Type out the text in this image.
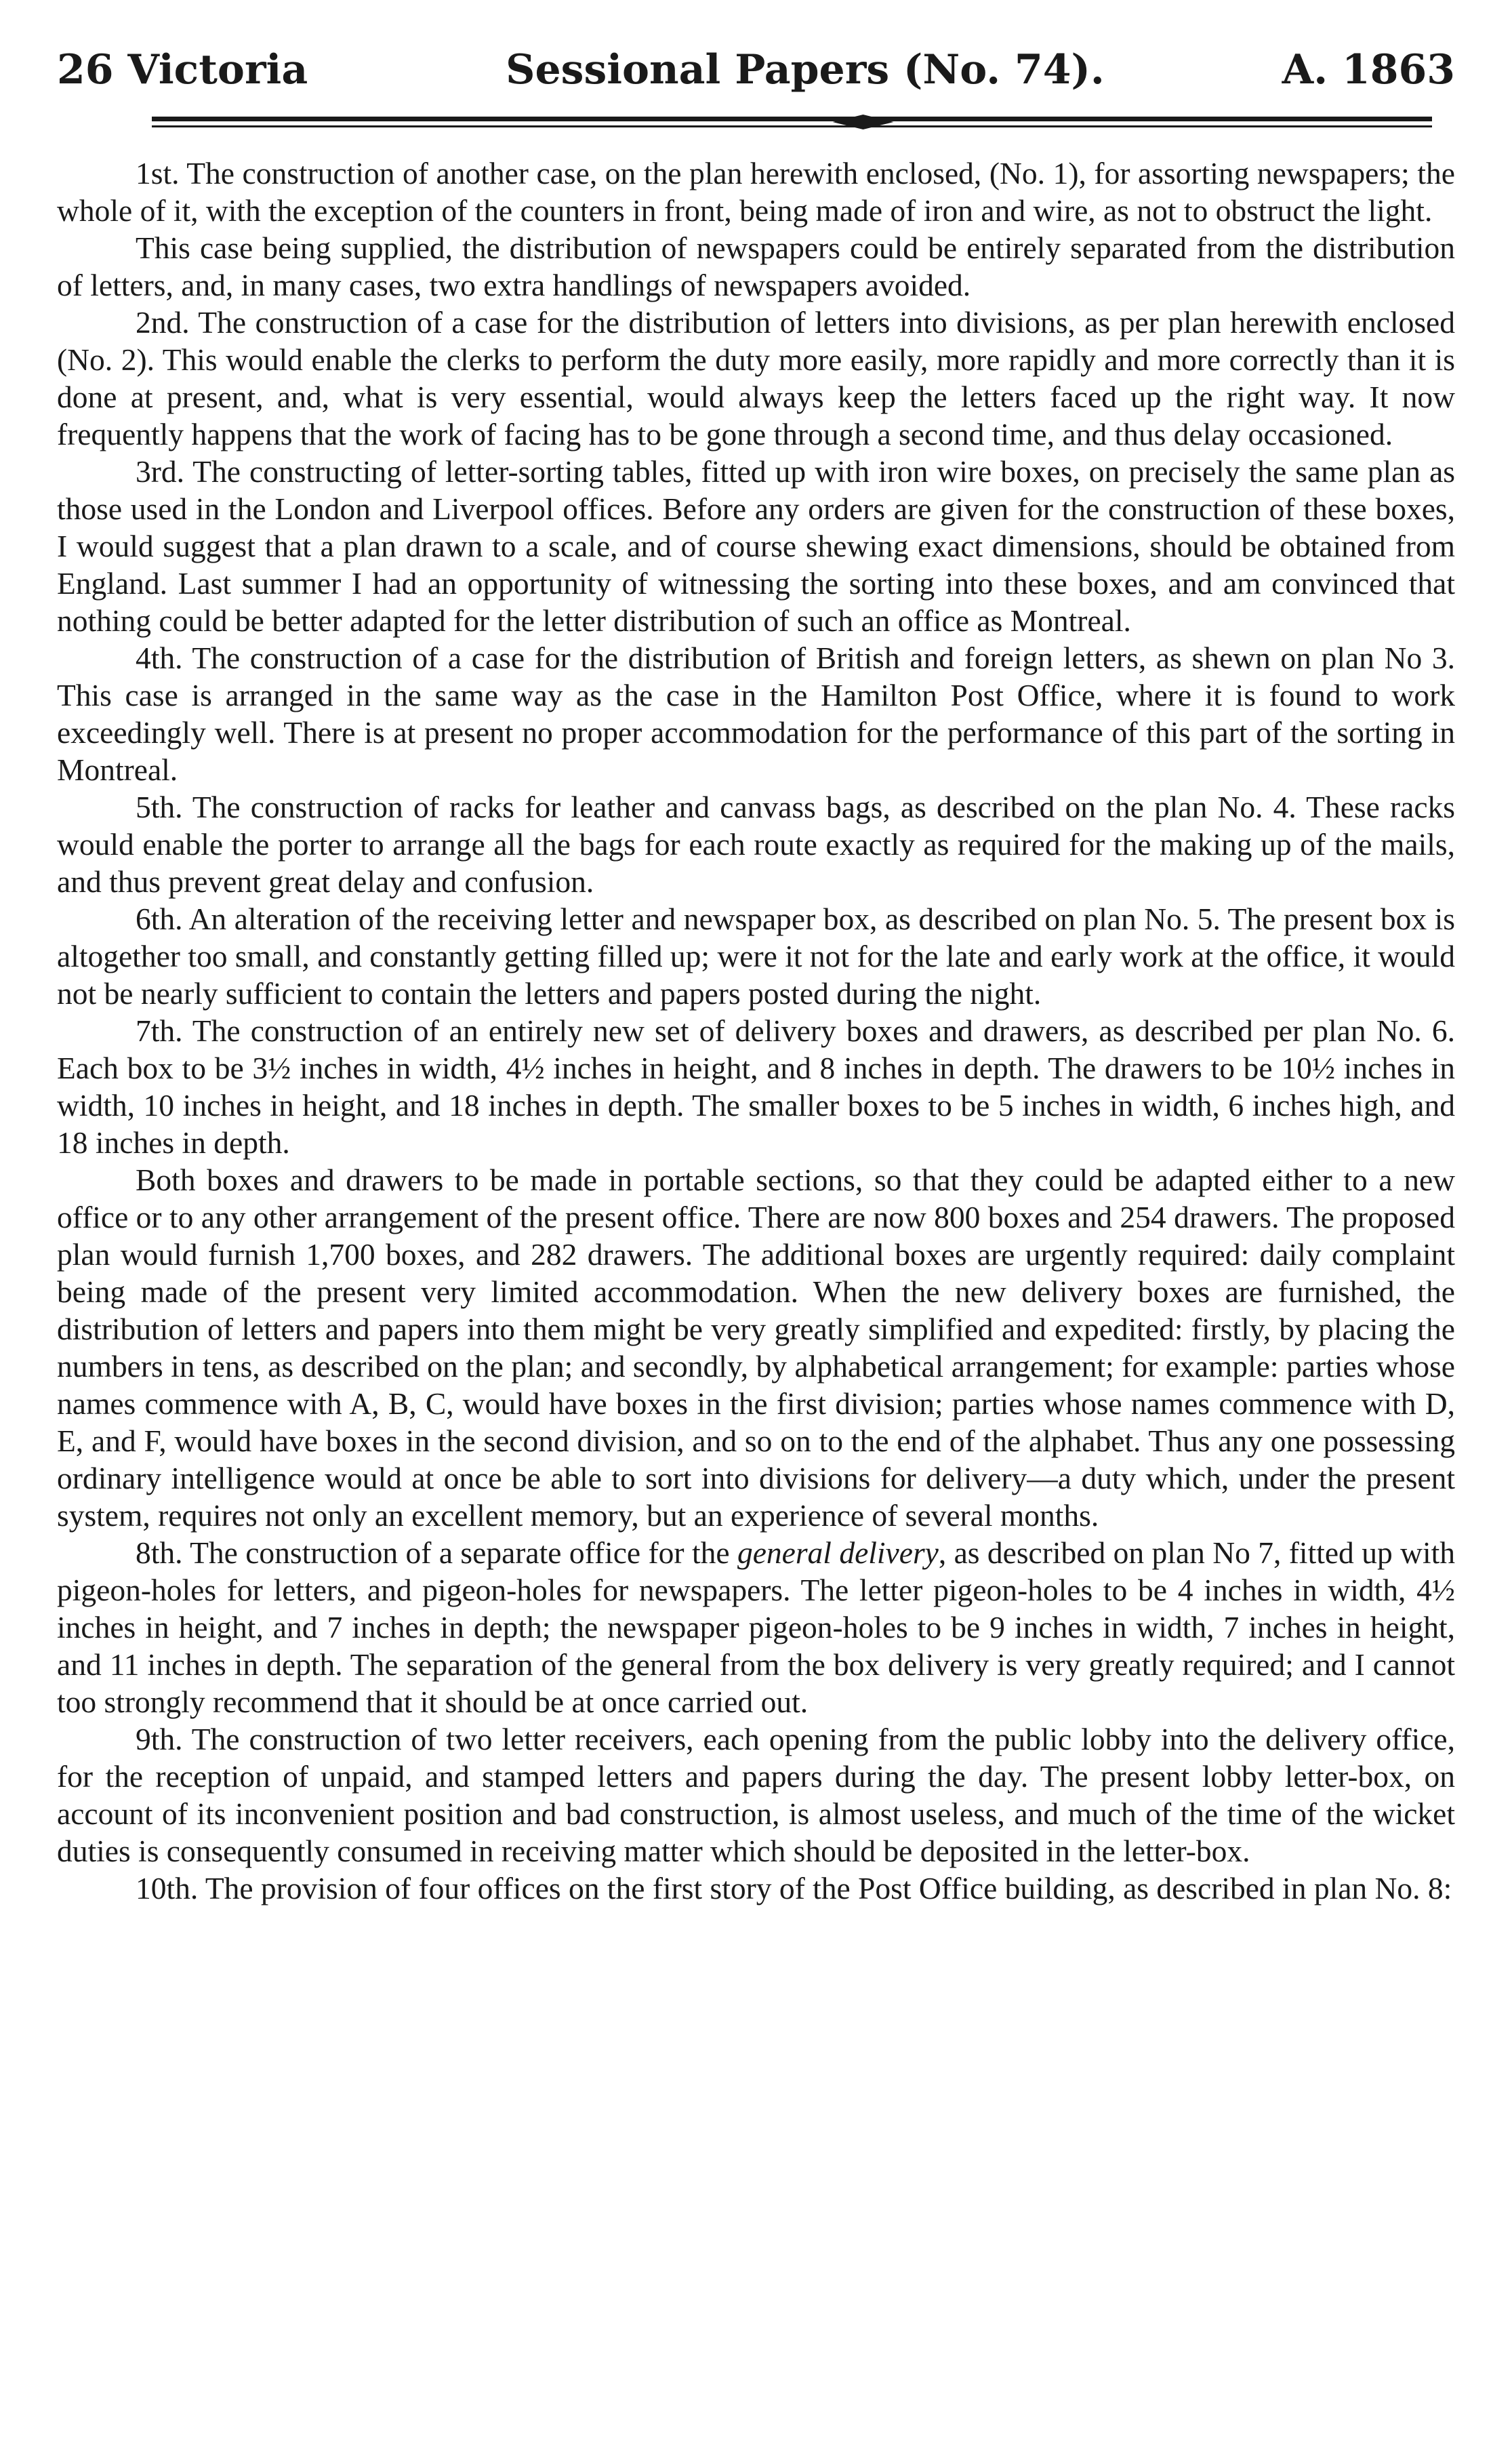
26 Victoria	Sessional Papers (No. 74).	A. 1863

1st. The construction of another case, on the plan herewith enclosed, (No. 1), for assorting newspapers; the whole of it, with the exception of the counters in front, being made of iron and wire, as not to obstruct the light.

This case being supplied, the distribution of newspapers could be entirely separated from the distribution of letters, and, in many cases, two extra handlings of newspapers avoided.

2nd. The construction of a case for the distribution of letters into divisions, as per plan herewith enclosed (No. 2). This would enable the clerks to perform the duty more easily, more rapidly and more correctly than it is done at present, and, what is very essential, would always keep the letters faced up the right way. It now frequently happens that the work of facing has to be gone through a second time, and thus delay occasioned.

3rd. The constructing of letter-sorting tables, fitted up with iron wire boxes, on precisely the same plan as those used in the London and Liverpool offices. Before any orders are given for the construction of these boxes, I would suggest that a plan drawn to a scale, and of course shewing exact dimensions, should be obtained from England. Last summer I had an opportunity of witnessing the sorting into these boxes, and am convinced that nothing could be better adapted for the letter distribution of such an office as Montreal.

4th. The construction of a case for the distribution of British and foreign letters, as shewn on plan No 3. This case is arranged in the same way as the case in the Hamilton Post Office, where it is found to work exceedingly well. There is at present no proper accommodation for the performance of this part of the sorting in Montreal.

5th. The construction of racks for leather and canvass bags, as described on the plan No. 4. These racks would enable the porter to arrange all the bags for each route exactly as required for the making up of the mails, and thus prevent great delay and confusion.

6th. An alteration of the receiving letter and newspaper box, as described on plan No. 5. The present box is altogether too small, and constantly getting filled up; were it not for the late and early work at the office, it would not be nearly sufficient to contain the letters and papers posted during the night.

7th. The construction of an entirely new set of delivery boxes and drawers, as described per plan No. 6. Each box to be 3½ inches in width, 4½ inches in height, and 8 inches in depth. The drawers to be 10½ inches in width, 10 inches in height, and 18 inches in depth. The smaller boxes to be 5 inches in width, 6 inches high, and 18 inches in depth.

Both boxes and drawers to be made in portable sections, so that they could be adapted either to a new office or to any other arrangement of the present office. There are now 800 boxes and 254 drawers. The proposed plan would furnish 1,700 boxes, and 282 drawers. The additional boxes are urgently required: daily complaint being made of the present very limited accommodation. When the new delivery boxes are furnished, the distribution of letters and papers into them might be very greatly simplified and expedited: firstly, by placing the numbers in tens, as described on the plan; and secondly, by alphabetical arrangement; for example: parties whose names commence with A, B, C, would have boxes in the first division; parties whose names commence with D, E, and F, would have boxes in the second division, and so on to the end of the alphabet. Thus any one possessing ordinary intelligence would at once be able to sort into divisions for delivery—a duty which, under the present system, requires not only an excellent memory, but an experience of several months.

8th. The construction of a separate office for the general delivery, as described on plan No 7, fitted up with pigeon-holes for letters, and pigeon-holes for newspapers. The letter pigeon-holes to be 4 inches in width, 4½ inches in height, and 7 inches in depth; the newspaper pigeon-holes to be 9 inches in width, 7 inches in height, and 11 inches in depth. The separation of the general from the box delivery is very greatly required; and I cannot too strongly recommend that it should be at once carried out.

9th. The construction of two letter receivers, each opening from the public lobby into the delivery office, for the reception of unpaid, and stamped letters and papers during the day. The present lobby letter-box, on account of its inconvenient position and bad construction, is almost useless, and much of the time of the wicket duties is consequently consumed in receiving matter which should be deposited in the letter-box.

10th. The provision of four offices on the first story of the Post Office building, as described in plan No. 8:
